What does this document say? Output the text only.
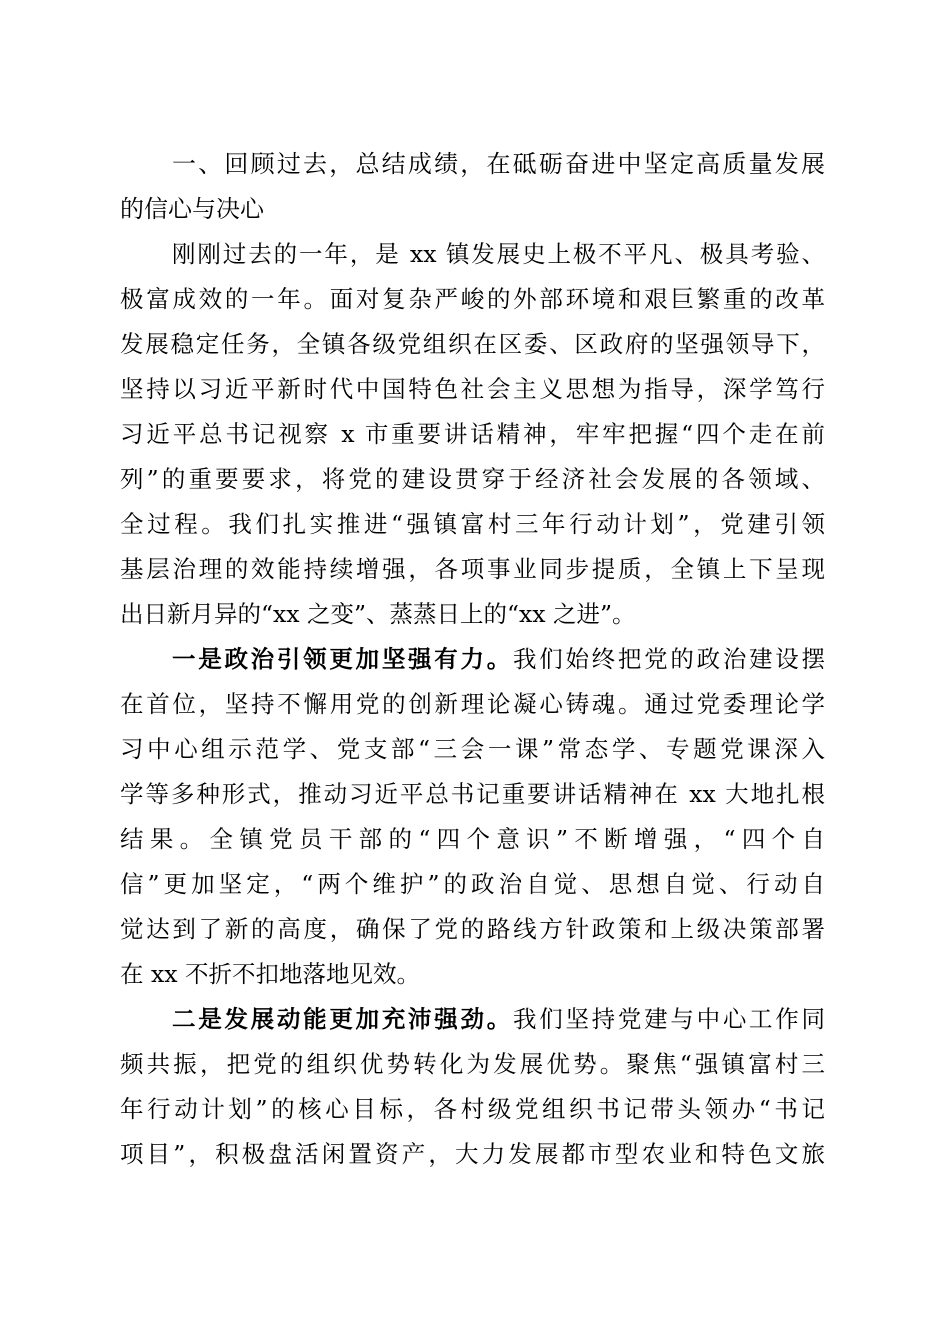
一、回顾过去，总结成绩，在砥砺奋进中坚定高质量发展
的信心与决心
刚刚过去的一年，是 xx 镇发展史上极不平凡、极具考验、
极富成效的一年。面对复杂严峻的外部环境和艰巨繁重的改革
发展稳定任务，全镇各级党组织在区委、区政府的坚强领导下，
坚持以习近平新时代中国特色社会主义思想为指导，深学笃行
习近平总书记视察 x 市重要讲话精神，牢牢把握“四个走在前
列”的重要要求，将党的建设贯穿于经济社会发展的各领域、
全过程。我们扎实推进“强镇富村三年行动计划”，党建引领
基层治理的效能持续增强，各项事业同步提质，全镇上下呈现
出日新月异的“xx 之变”、蒸蒸日上的“xx 之进”。
一是政治引领更加坚强有力。我们始终把党的政治建设摆
在首位，坚持不懈用党的创新理论凝心铸魂。通过党委理论学
习中心组示范学、党支部“三会一课”常态学、专题党课深入
学等多种形式，推动习近平总书记重要讲话精神在 xx 大地扎根
结果。全镇党员干部的“四个意识”不断增强，“四个自
信”更加坚定，“两个维护”的政治自觉、思想自觉、行动自
觉达到了新的高度，确保了党的路线方针政策和上级决策部署
在 xx 不折不扣地落地见效。
二是发展动能更加充沛强劲。我们坚持党建与中心工作同
频共振，把党的组织优势转化为发展优势。聚焦“强镇富村三
年行动计划”的核心目标，各村级党组织书记带头领办“书记
项目”，积极盘活闲置资产，大力发展都市型农业和特色文旅
